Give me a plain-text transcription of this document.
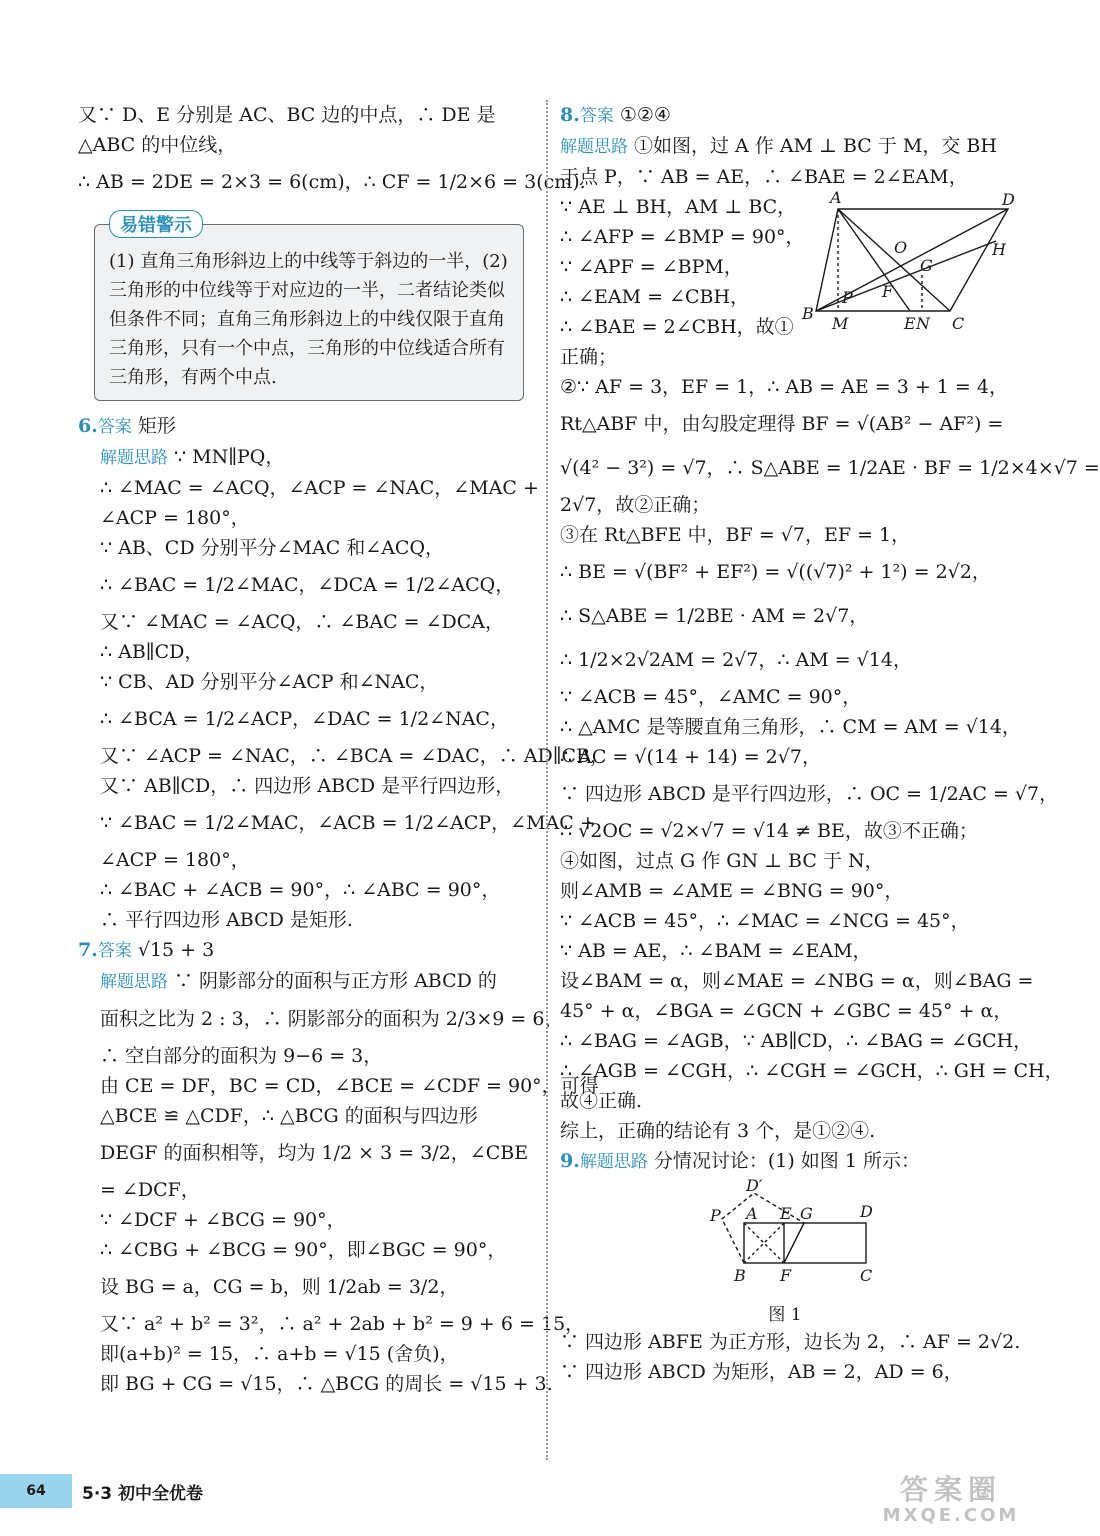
又∵ D、E 分别是 AC、BC 边的中点，∴ DE 是
△ABC 的中位线，
∴ AB = 2DE = 2×3 = 6(cm)，∴ CF = 1/2×6 = 3(cm).
易错警示
(1) 直角三角形斜边上的中线等于斜边的一半，(2) 三角形的中位线等于对应边的一半，二者结论类似但条件不同；直角三角形斜边上的中线仅限于直角三角形，只有一个中点，三角形的中位线适合所有三角形，有两个中点.
6.答案 矩形
解题思路 ∵ MN∥PQ，
∴ ∠MAC = ∠ACQ，∠ACP = ∠NAC，∠MAC +
∠ACP = 180°，
∵ AB、CD 分别平分∠MAC 和∠ACQ，
∴ ∠BAC = 1/2∠MAC，∠DCA = 1/2∠ACQ，
又∵ ∠MAC = ∠ACQ，∴ ∠BAC = ∠DCA，
∴ AB∥CD，
∵ CB、AD 分别平分∠ACP 和∠NAC，
∴ ∠BCA = 1/2∠ACP，∠DAC = 1/2∠NAC，
又∵ ∠ACP = ∠NAC，∴ ∠BCA = ∠DAC，∴ AD∥CB，
又∵ AB∥CD，∴ 四边形 ABCD 是平行四边形，
∵ ∠BAC = 1/2∠MAC，∠ACB = 1/2∠ACP，∠MAC +
∠ACP = 180°，
∴ ∠BAC + ∠ACB = 90°，∴ ∠ABC = 90°，
∴ 平行四边形 ABCD 是矩形.
7.答案 √15 + 3
解题思路 ∵ 阴影部分的面积与正方形 ABCD 的
面积之比为 2 : 3，∴ 阴影部分的面积为 2/3×9 = 6，
∴ 空白部分的面积为 9−6 = 3，
由 CE = DF，BC = CD，∠BCE = ∠CDF = 90°，可得
△BCE ≌ △CDF，∴ △BCG 的面积与四边形
DEGF 的面积相等，均为 1/2 × 3 = 3/2，∠CBE
= ∠DCF，
∵ ∠DCF + ∠BCG = 90°，
∴ ∠CBG + ∠BCG = 90°，即∠BGC = 90°，
设 BG = a，CG = b，则 1/2ab = 3/2，
又∵ a² + b² = 3²，∴ a² + 2ab + b² = 9 + 6 = 15，
即(a+b)² = 15，∴ a+b = √15 (舍负)，
即 BG + CG = √15，∴ △BCG 的周长 = √15 + 3.
8.答案 ①②④
解题思路 ①如图，过 A 作 AM ⊥ BC 于 M，交 BH
于点 P，∵ AB = AE，∴ ∠BAE = 2∠EAM，
∵ AE ⊥ BH，AM ⊥ BC，
∴ ∠AFP = ∠BMP = 90°，
∵ ∠APF = ∠BPM，
∴ ∠EAM = ∠CBH，
∴ ∠BAE = 2∠CBH，故①
正确；
A	D
H
O
G
P F
B
M	E N C
②∵ AF = 3，EF = 1，∴ AB = AE = 3 + 1 = 4，
Rt△ABF 中，由勾股定理得 BF = √(AB² − AF²) =
√(4² − 3²) = √7，∴ S△ABE = 1/2AE · BF = 1/2×4×√7 =
2√7，故②正确；
③在 Rt△BFE 中，BF = √7，EF = 1，
∴ BE = √(BF² + EF²) = √((√7)² + 1²) = 2√2，
∴ S△ABE = 1/2BE · AM = 2√7，
∴ 1/2×2√2AM = 2√7，∴ AM = √14，
∵ ∠ACB = 45°，∠AMC = 90°，
∴ △AMC 是等腰直角三角形，∴ CM = AM = √14，
∴ AC = √(14 + 14) = 2√7，
∵ 四边形 ABCD 是平行四边形，∴ OC = 1/2AC = √7，
∴ √2OC = √2×√7 = √14 ≠ BE，故③不正确；
④如图，过点 G 作 GN ⊥ BC 于 N，
则∠AMB = ∠AME = ∠BNG = 90°，
∵ ∠ACB = 45°，∴ ∠MAC = ∠NCG = 45°，
∵ AB = AE，∴ ∠BAM = ∠EAM，
设∠BAM = α，则∠MAE = ∠NBG = α，则∠BAG =
45° + α，∠BGA = ∠GCN + ∠GBC = 45° + α，
∴ ∠BAG = ∠AGB，∵ AB∥CD，∴ ∠BAG = ∠GCH，
∴ ∠AGB = ∠CGH，∴ ∠CGH = ∠GCH，∴ GH = CH，
故④正确.
综上，正确的结论有 3 个，是①②④.
9.解题思路 分情况讨论：(1) 如图 1 所示：
D′
P A E G	D
B F	C
图 1
∵ 四边形 ABFE 为正方形，边长为 2，∴ AF = 2√2.
∵ 四边形 ABCD 为矩形，AB = 2，AD = 6，
64	5·3 初中全优卷	答案圈
MXQE.COM
